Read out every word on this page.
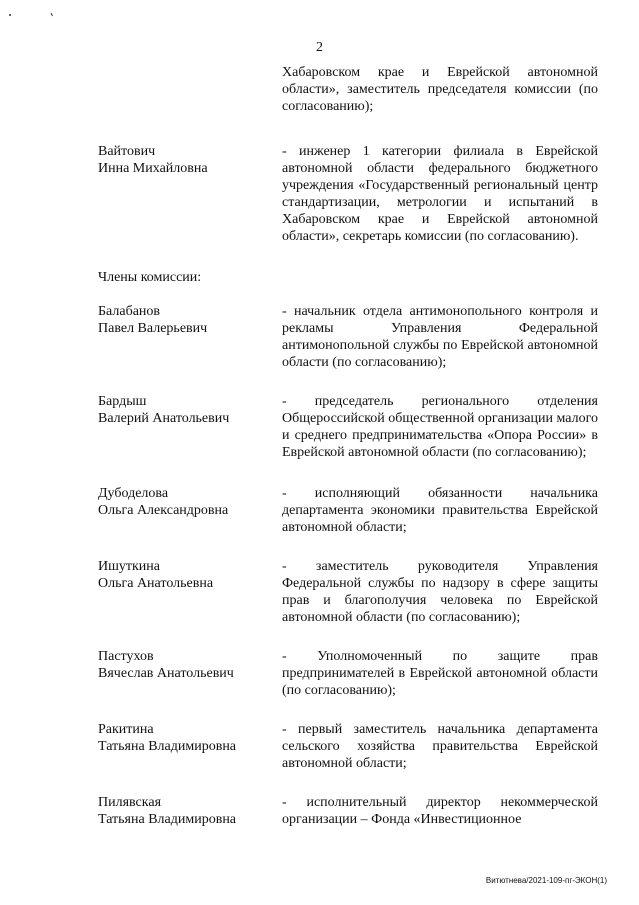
2
Хабаровском крае и Еврейской автономной области», заместитель председателя комиссии (по согласованию);
Вайтович
Инна Михайловна
- инженер 1 категории филиала в Еврейской автономной области федерального бюджетного учреждения «Государственный региональный центр стандартизации, метрологии и испытаний в Хабаровском крае и Еврейской автономной области», секретарь комиссии (по согласованию).
Члены комиссии:
Балабанов
Павел Валерьевич
- начальник отдела антимонопольного контроля и рекламы Управления Федеральной антимонопольной службы по Еврейской автономной области (по согласованию);
Бардыш
Валерий Анатольевич
- председатель регионального отделения Общероссийской общественной организации малого и среднего предпринимательства «Опора России» в Еврейской автономной области (по согласованию);
Дубоделова
Ольга Александровна
- исполняющий обязанности начальника департамента экономики правительства Еврейской автономной области;
Ишуткина
Ольга Анатольевна
- заместитель руководителя Управления Федеральной службы по надзору в сфере защиты прав и благополучия человека по Еврейской автономной области (по согласованию);
Пастухов
Вячеслав Анатольевич
- Уполномоченный по защите прав предпринимателей в Еврейской автономной области (по согласованию);
Ракитина
Татьяна Владимировна
- первый заместитель начальника департамента сельского хозяйства правительства Еврейской автономной области;
Пилявская
Татьяна Владимировна
- исполнительный директор некоммерческой организации – Фонда «Инвестиционное
Витютнева/2021-109-пг-ЭКОН(1)
